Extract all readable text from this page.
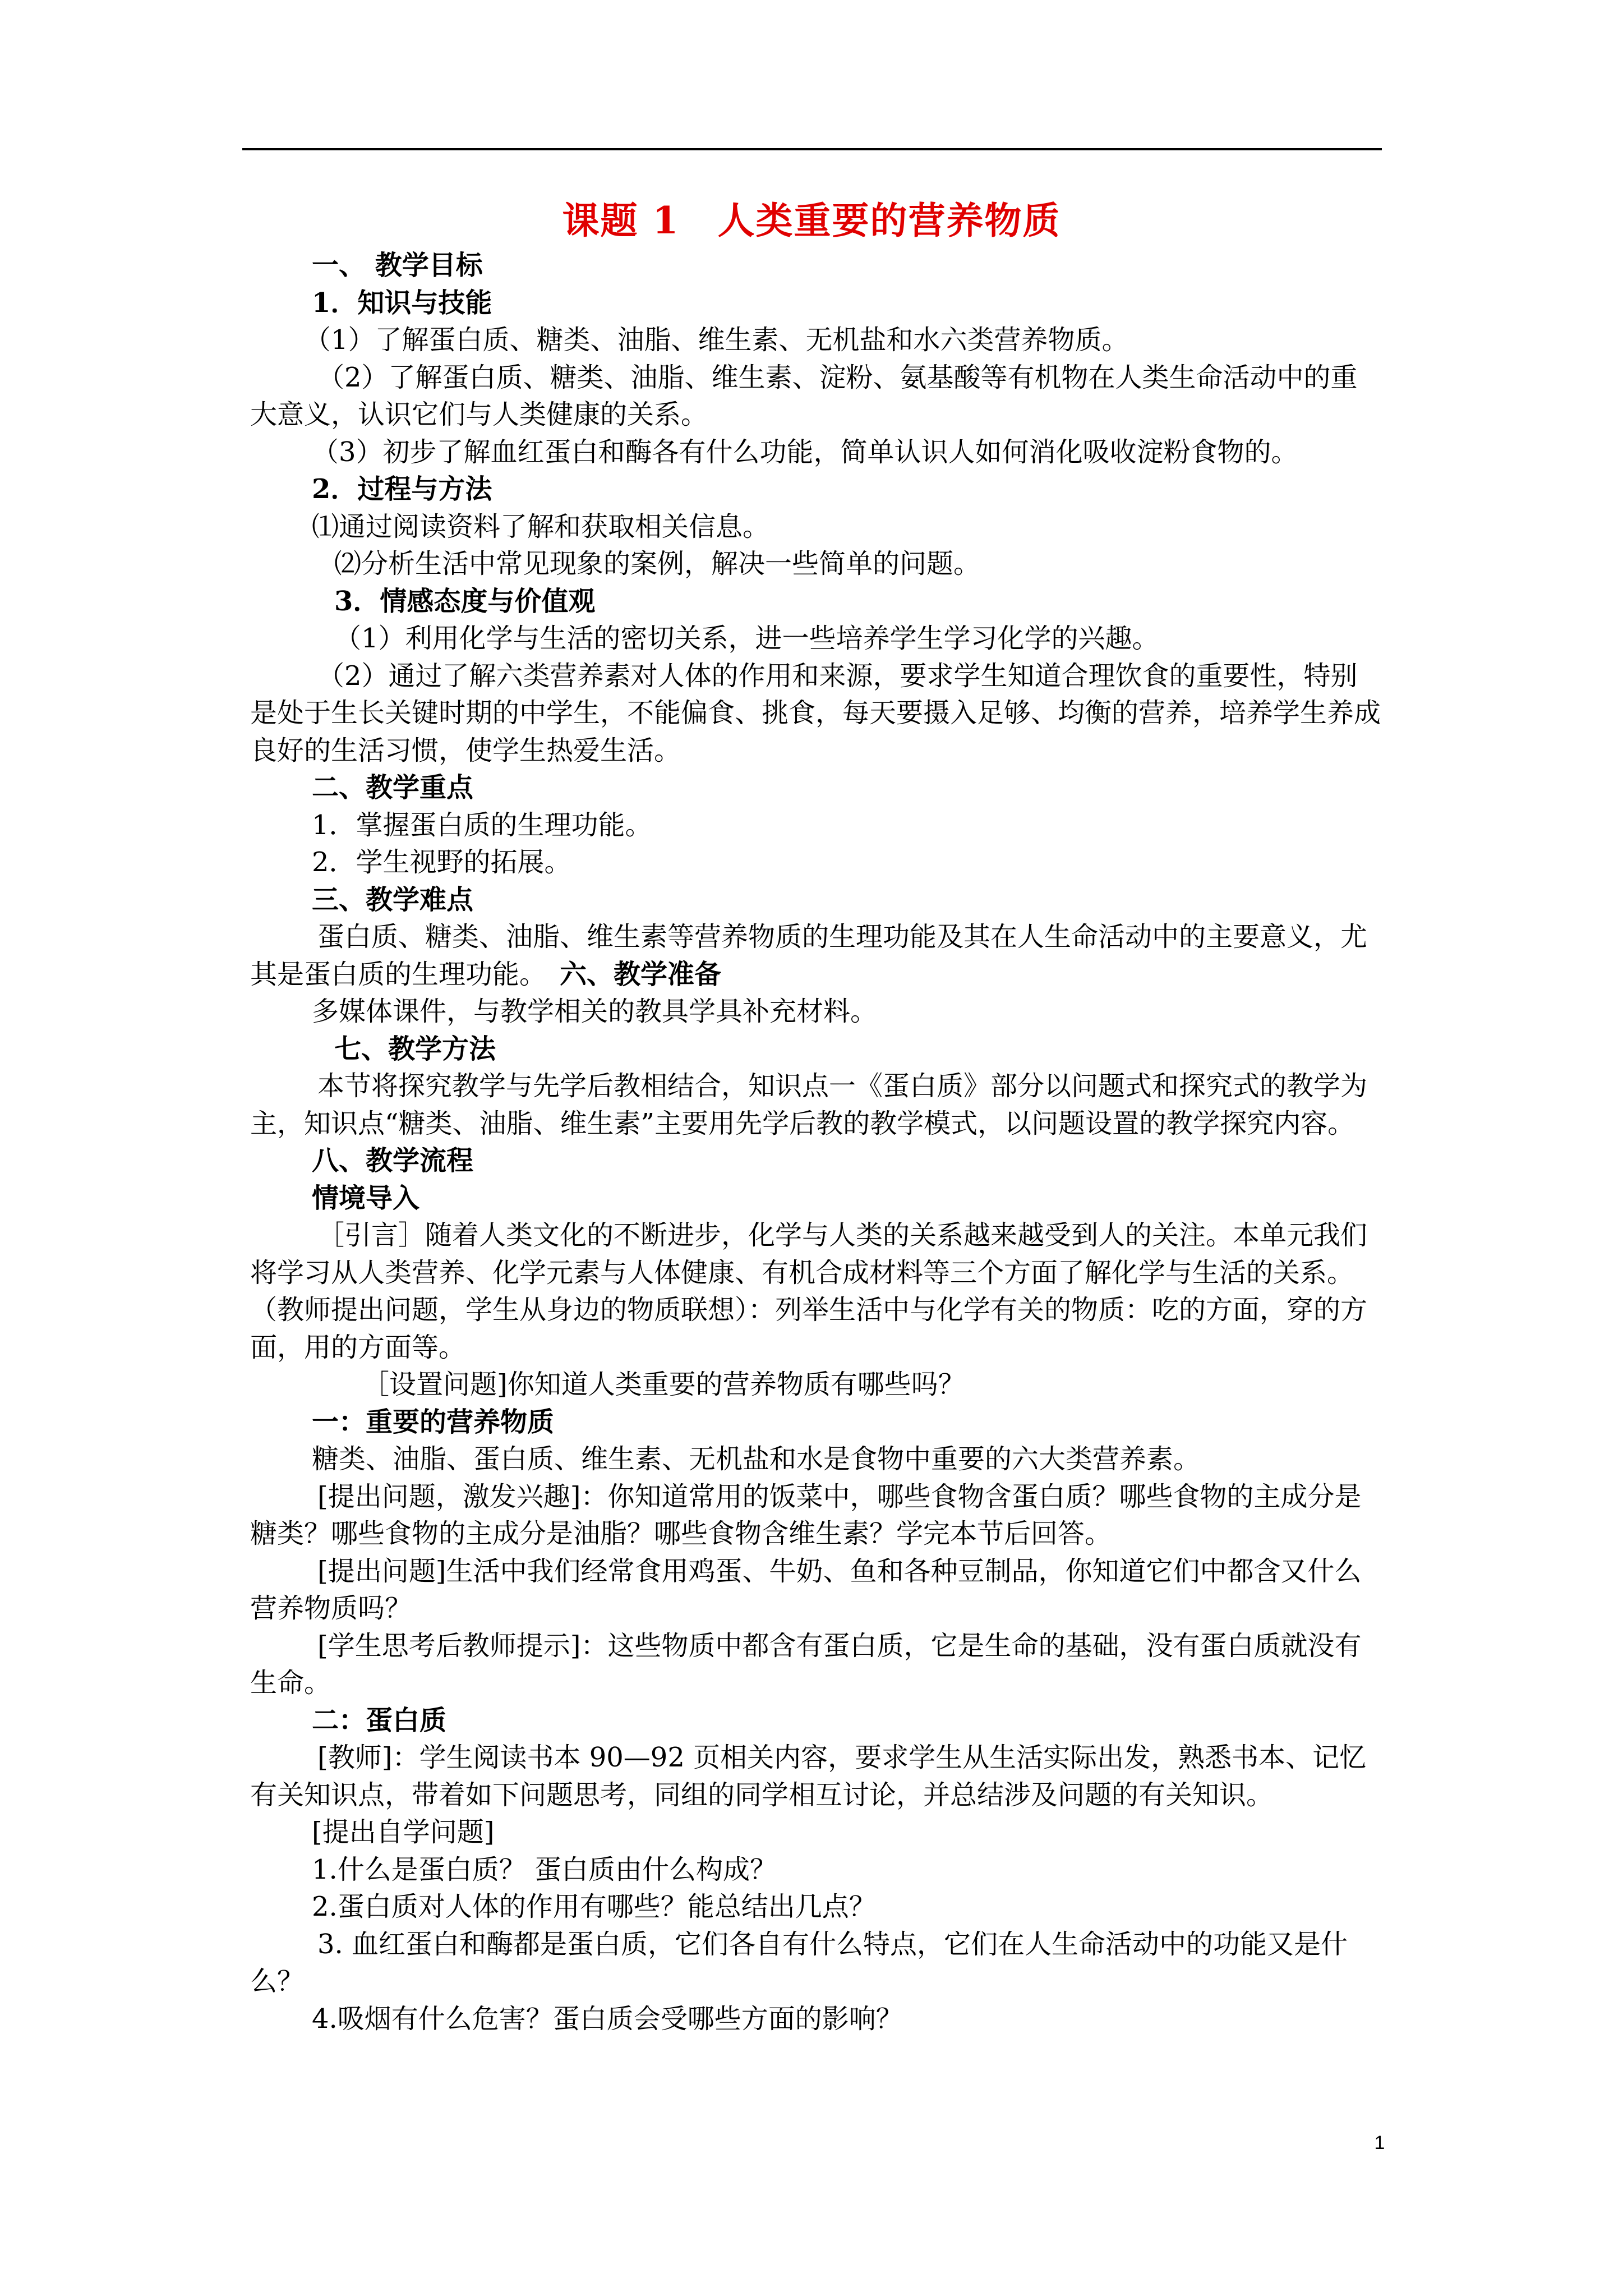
课题 1　人类重要的营养物质

一、 教学目标

1．知识与技能

（1）了解蛋白质、糖类、油脂、维生素、无机盐和水六类营养物质。

（2）了解蛋白质、糖类、油脂、维生素、淀粉、氨基酸等有机物在人类生命活动中的重大意义，认识它们与人类健康的关系。

（3）初步了解血红蛋白和酶各有什么功能，简单认识人如何消化吸收淀粉食物的。

2．过程与方法

⑴通过阅读资料了解和获取相关信息。

⑵分析生活中常见现象的案例，解决一些简单的问题。

3．情感态度与价值观

（1）利用化学与生活的密切关系，进一些培养学生学习化学的兴趣。

（2）通过了解六类营养素对人体的作用和来源，要求学生知道合理饮食的重要性，特别是处于生长关键时期的中学生，不能偏食、挑食，每天要摄入足够、均衡的营养，培养学生养成良好的生活习惯，使学生热爱生活。

二、教学重点

1．掌握蛋白质的生理功能。

2．学生视野的拓展。

三、教学难点

蛋白质、糖类、油脂、维生素等营养物质的生理功能及其在人生命活动中的主要意义，尤其是蛋白质的生理功能。　 六、教学准备

多媒体课件，与教学相关的教具学具补充材料。

七、教学方法

本节将探究教学与先学后教相结合，知识点一《蛋白质》部分以问题式和探究式的教学为主，知识点“糖类、油脂、维生素”主要用先学后教的教学模式，以问题设置的教学探究内容。

八、教学流程

情境导入

［引言］随着人类文化的不断进步，化学与人类的关系越来越受到人的关注。本单元我们将学习从人类营养、化学元素与人体健康、有机合成材料等三个方面了解化学与生活的关系。（教师提出问题，学生从身边的物质联想）：列举生活中与化学有关的物质：吃的方面，穿的方面，用的方面等。

［设置问题]你知道人类重要的营养物质有哪些吗？

一：重要的营养物质

糖类、油脂、蛋白质、维生素、无机盐和水是食物中重要的六大类营养素。

[提出问题，激发兴趣]：你知道常用的饭菜中，哪些食物含蛋白质？哪些食物的主成分是糖类？哪些食物的主成分是油脂？哪些食物含维生素？学完本节后回答。

[提出问题]生活中我们经常食用鸡蛋、牛奶、鱼和各种豆制品，你知道它们中都含又什么营养物质吗？

[学生思考后教师提示]：这些物质中都含有蛋白质，它是生命的基础，没有蛋白质就没有生命。

二：蛋白质

[教师]：学生阅读书本 90—92 页相关内容，要求学生从生活实际出发，熟悉书本、记忆有关知识点，带着如下问题思考，同组的同学相互讨论，并总结涉及问题的有关知识。

[提出自学问题]

1.什么是蛋白质？ 蛋白质由什么构成？

2.蛋白质对人体的作用有哪些？能总结出几点？

3. 血红蛋白和酶都是蛋白质，它们各自有什么特点，它们在人生命活动中的功能又是什么？

4.吸烟有什么危害？蛋白质会受哪些方面的影响？

1
